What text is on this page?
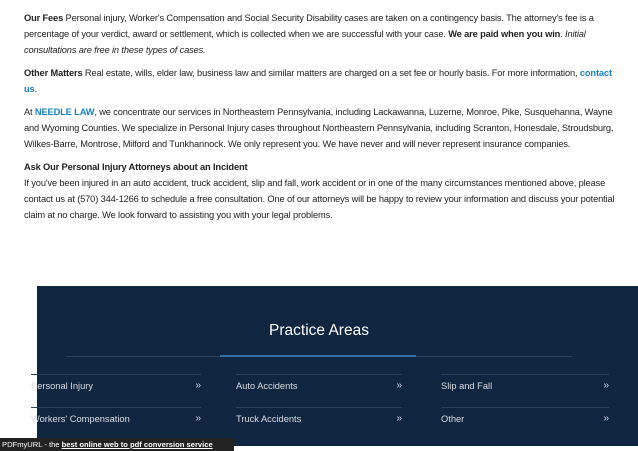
Our Fees Personal injury, Worker's Compensation and Social Security Disability cases are taken on a contingency basis. The attorney's fee is a percentage of your verdict, award or settlement, which is collected when we are successful with your case. We are paid when you win. Initial consultations are free in these types of cases.

Other Matters Real estate, wills, elder law, business law and similar matters are charged on a set fee or hourly basis. For more information, contact us.

At NEEDLE LAW, we concentrate our services in Northeastern Pennsylvania, including Lackawanna, Luzerne, Monroe, Pike, Susquehanna, Wayne and Wyoming Counties. We specialize in Personal Injury cases throughout Northeastern Pennsylvania, including Scranton, Honesdale, Stroudsburg, Wilkes-Barre, Montrose, Milford and Tunkhannock. We only represent you. We have never and will never represent insurance companies.

Ask Our Personal Injury Attorneys about an Incident
If you've been injured in an auto accident, truck accident, slip and fall, work accident or in one of the many circumstances mentioned above, please contact us at (570) 344-1266 to schedule a free consultation. One of our attorneys will be happy to review your information and discuss your potential claim at no charge. We look forward to assisting you with your legal problems.

Practice Areas
Personal Injury	»	Auto Accidents	»	Slip and Fall	»
Workers' Compensation	»	Truck Accidents	»	Other	»
PDFmyURL - the best online web to pdf conversion service
